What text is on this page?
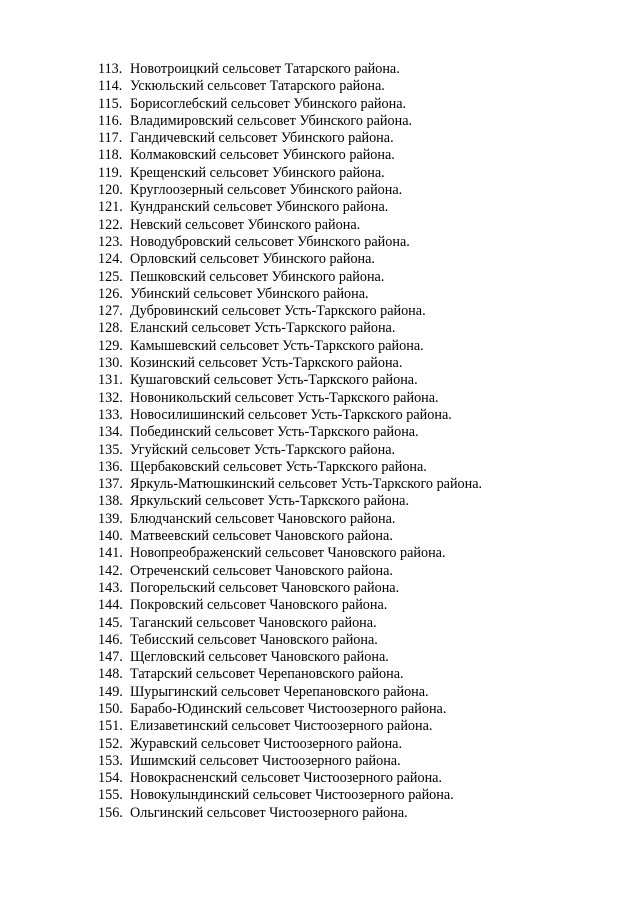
113. Новотроицкий сельсовет Татарского района.
114. Ускюльский сельсовет Татарского района.
115. Борисоглебский сельсовет Убинского района.
116. Владимировский сельсовет Убинского района.
117. Гандичевский сельсовет Убинского района.
118. Колмаковский сельсовет Убинского района.
119. Крещенский сельсовет Убинского района.
120. Круглоозерный сельсовет Убинского района.
121. Кундранский сельсовет Убинского района.
122. Невский сельсовет Убинского района.
123. Новодубровский сельсовет Убинского района.
124. Орловский сельсовет Убинского района.
125. Пешковский сельсовет Убинского района.
126. Убинский сельсовет Убинского района.
127. Дубровинский сельсовет Усть-Таркского района.
128. Еланский сельсовет Усть-Таркского района.
129. Камышевский сельсовет Усть-Таркского района.
130. Козинский сельсовет Усть-Таркского района.
131. Кушаговский сельсовет Усть-Таркского района.
132. Новоникольский сельсовет Усть-Таркского района.
133. Новосилишинский сельсовет Усть-Таркского района.
134. Побединский сельсовет Усть-Таркского района.
135. Угуйский сельсовет Усть-Таркского района.
136. Щербаковский сельсовет Усть-Таркского района.
137. Яркуль-Матюшкинский сельсовет Усть-Таркского района.
138. Яркульский сельсовет Усть-Таркского района.
139. Блюдчанский сельсовет Чановского района.
140. Матвеевский сельсовет Чановского района.
141. Новопреображенский сельсовет Чановского района.
142. Отреченский сельсовет Чановского района.
143. Погорельский сельсовет Чановского района.
144. Покровский сельсовет Чановского района.
145. Таганский сельсовет Чановского района.
146. Тебисский сельсовет Чановского района.
147. Щегловский сельсовет Чановского района.
148. Татарский сельсовет Черепановского района.
149. Шурыгинский сельсовет Черепановского района.
150. Барабо-Юдинский сельсовет Чистоозерного района.
151. Елизаветинский сельсовет Чистоозерного района.
152. Журавский сельсовет Чистоозерного района.
153. Ишимский сельсовет Чистоозерного района.
154. Новокрасненский сельсовет Чистоозерного района.
155. Новокулындинский сельсовет Чистоозерного района.
156. Ольгинский сельсовет Чистоозерного района.
